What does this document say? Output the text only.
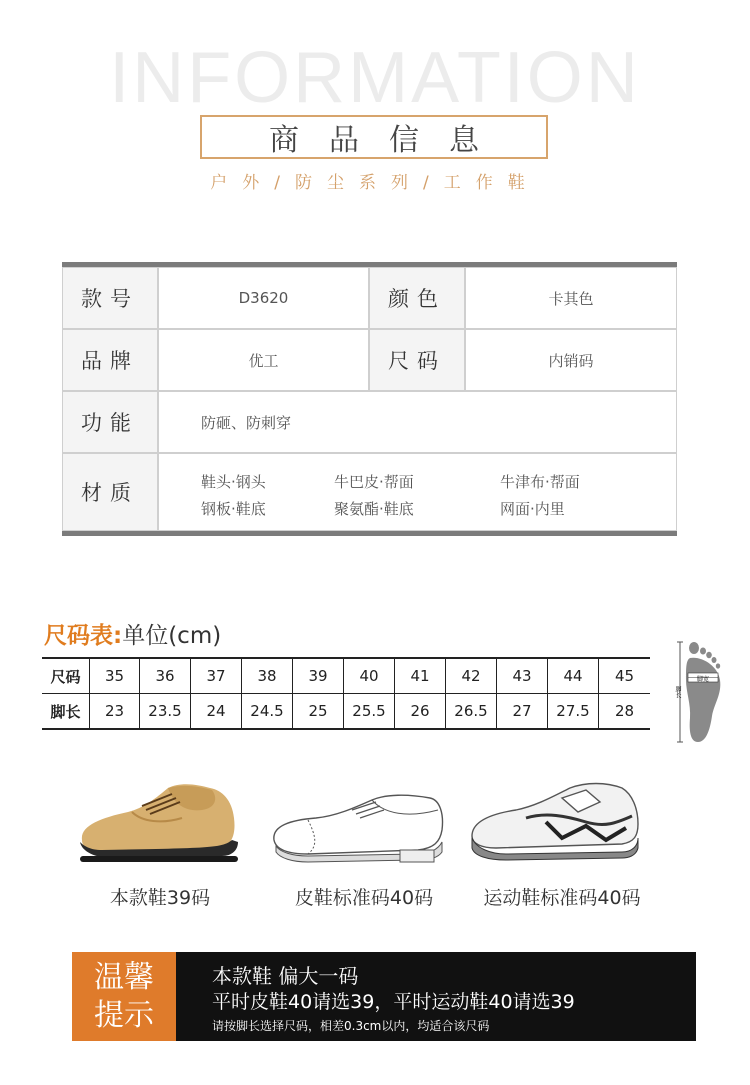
INFORMATION
商品信息
户外/防尘系列/工作鞋
款号	D3620	颜色	卡其色
品牌	优工	尺码	内销码
功能	防砸、防刺穿
材质	鞋头·钢头	牛巴皮·帮面	牛津布·帮面
钢板·鞋底	聚氨酯·鞋底	网面·内里
尺码表:单位(cm)
尺码	35	36	37	38	39	40	41	42	43	44	45
脚长	23	23.5	24	24.5	25	25.5	26	26.5	27	27.5	28
脚宽
脚长
本款鞋39码	皮鞋标准码40码	运动鞋标准码40码
温馨
提示
本款鞋 偏大一码
平时皮鞋40请选39，平时运动鞋40请选39
请按脚长选择尺码，相差0.3cm以内，均适合该尺码
